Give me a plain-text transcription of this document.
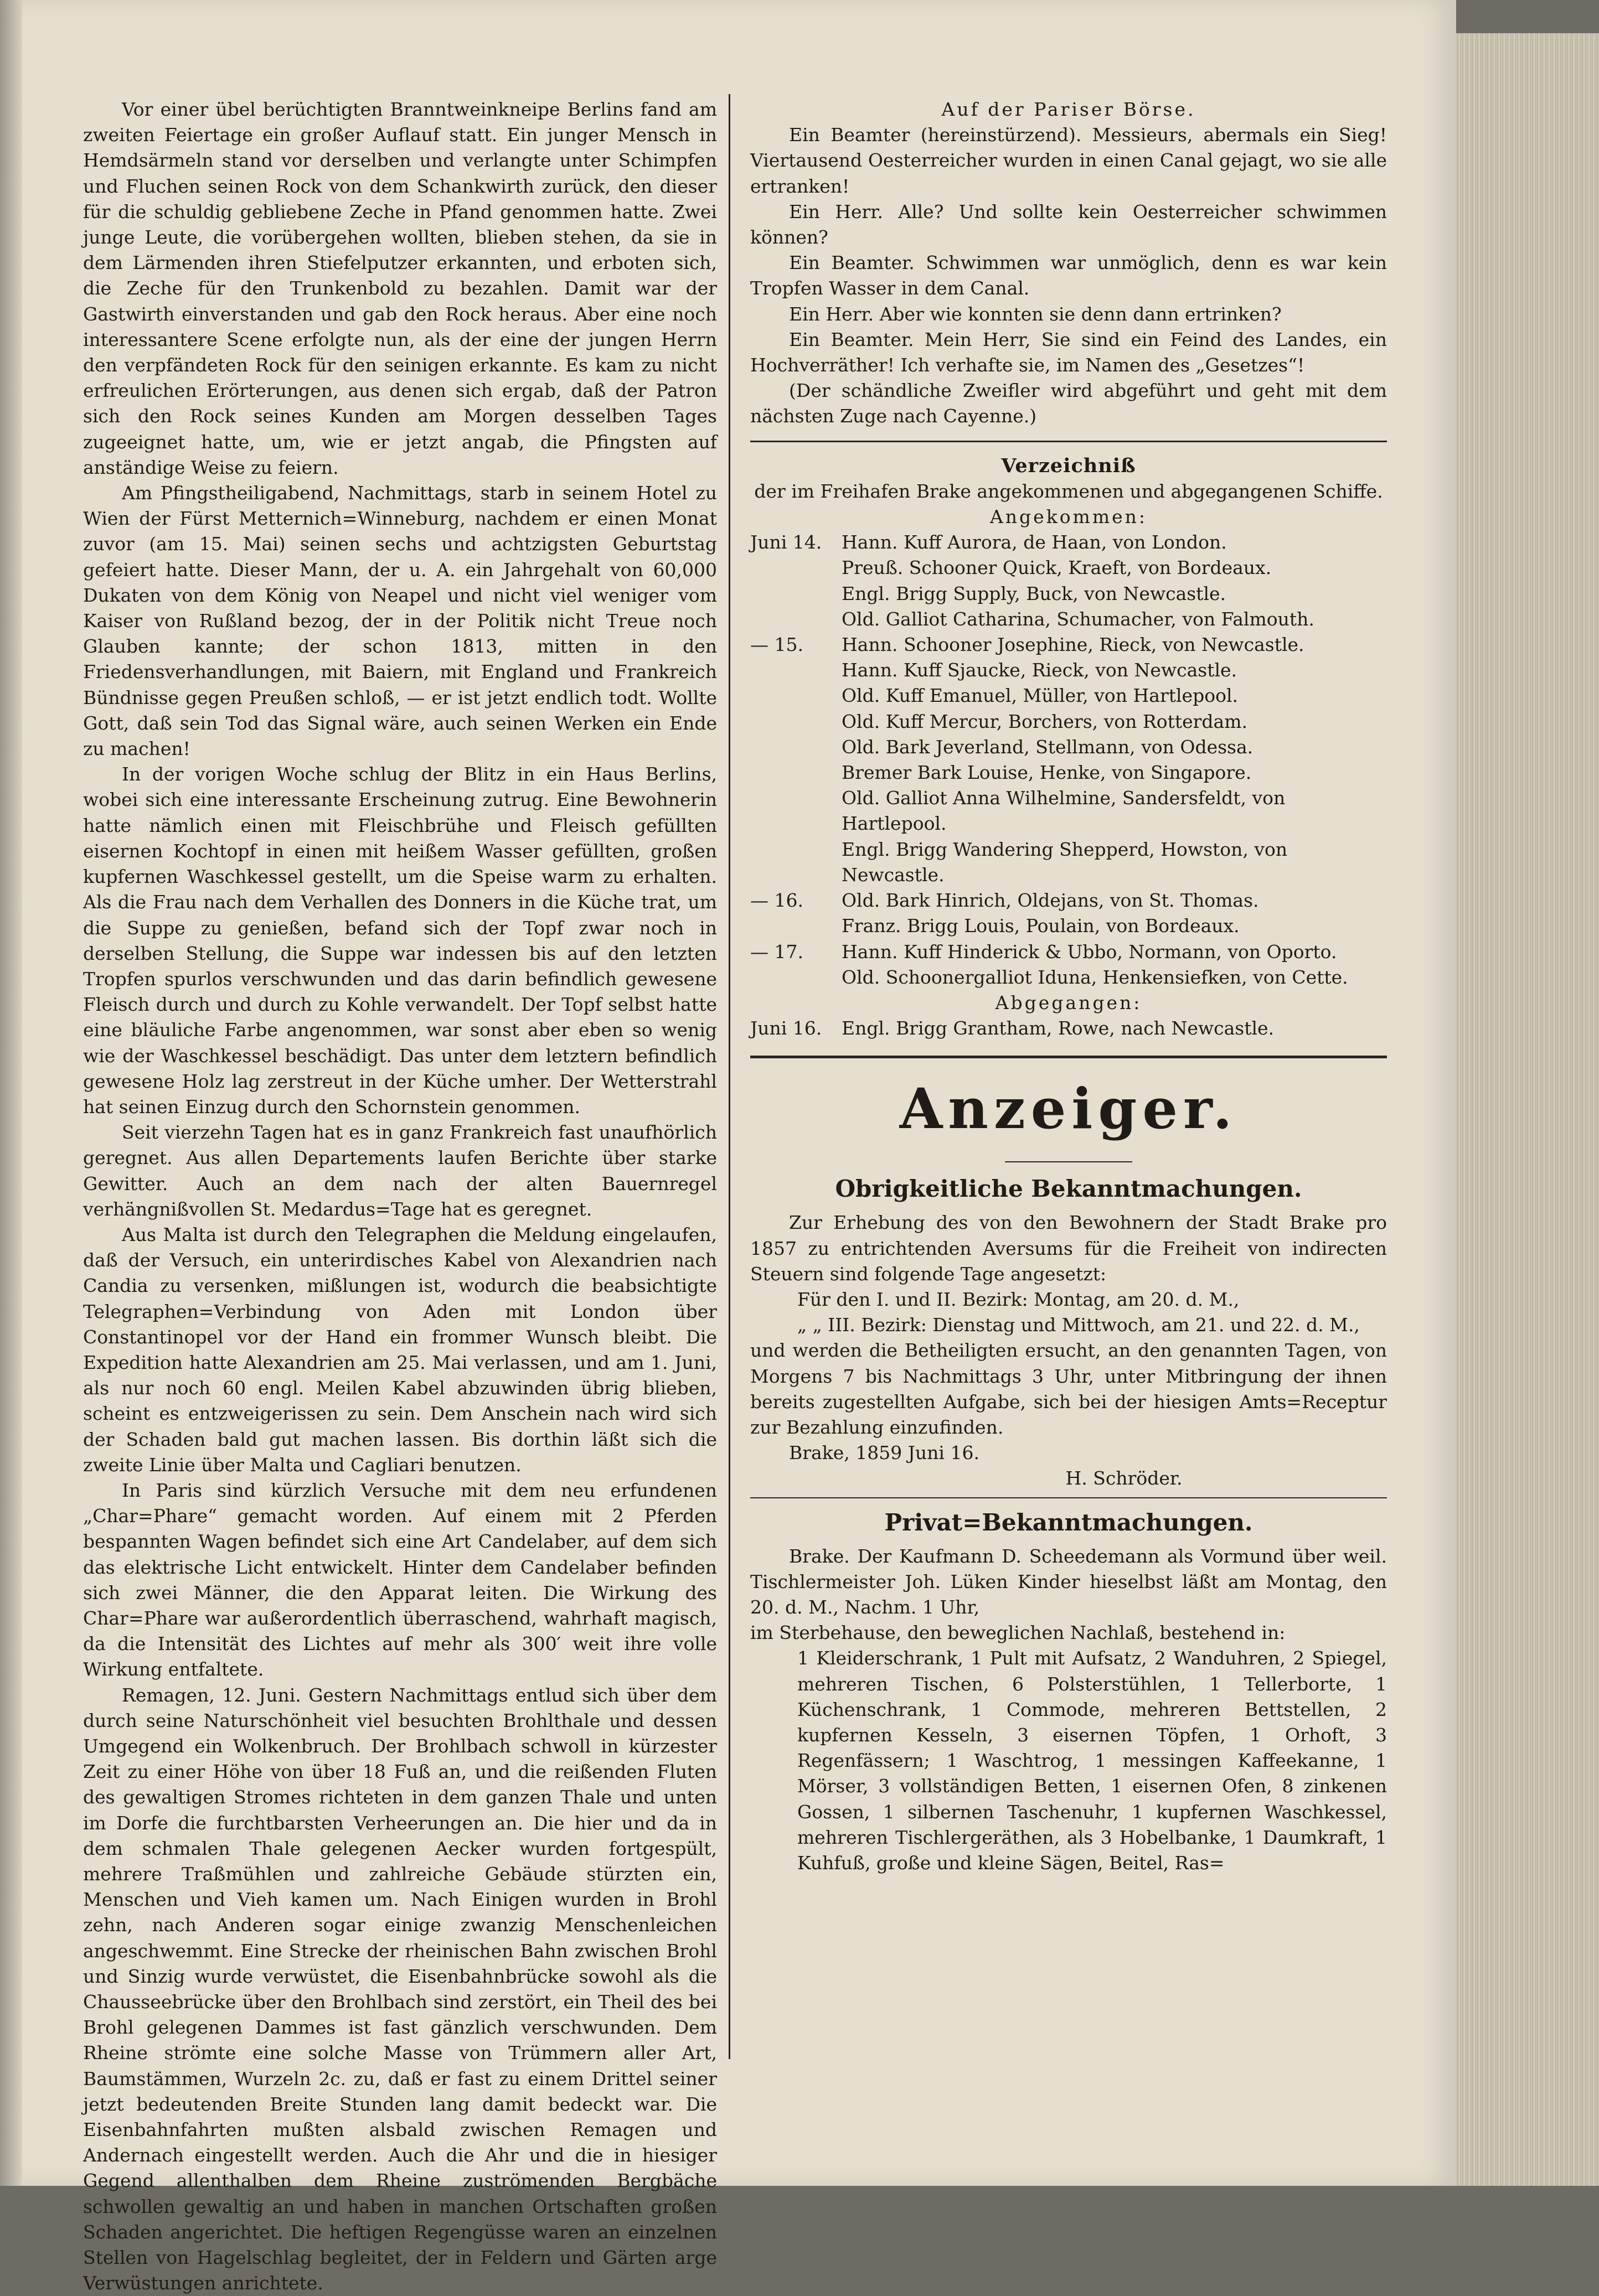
Vor einer übel berüchtigten Branntweinkneipe Berlins fand am zweiten Feiertage ein großer Auflauf statt. Ein junger Mensch in Hemdsärmeln stand vor derselben und verlangte unter Schimpfen und Fluchen seinen Rock von dem Schankwirth zurück, den dieser für die schuldig gebliebene Zeche in Pfand genommen hatte. Zwei junge Leute, die vorübergehen wollten, blieben stehen, da sie in dem Lärmenden ihren Stiefelputzer erkannten, und erboten sich, die Zeche für den Trunkenbold zu bezahlen. Damit war der Gastwirth einverstanden und gab den Rock heraus. Aber eine noch interessantere Scene erfolgte nun, als der eine der jungen Herrn den verpfändeten Rock für den seinigen erkannte. Es kam zu nicht erfreulichen Erörterungen, aus denen sich ergab, daß der Patron sich den Rock seines Kunden am Morgen desselben Tages zugeeignet hatte, um, wie er jetzt angab, die Pfingsten auf anständige Weise zu feiern.

Am Pfingstheiligabend, Nachmittags, starb in seinem Hotel zu Wien der Fürst Metternich=Winneburg, nachdem er einen Monat zuvor (am 15. Mai) seinen sechs und achtzigsten Geburtstag gefeiert hatte. Dieser Mann, der u. A. ein Jahrgehalt von 60,000 Dukaten von dem König von Neapel und nicht viel weniger vom Kaiser von Rußland bezog, der in der Politik nicht Treue noch Glauben kannte; der schon 1813, mitten in den Friedensverhandlungen, mit Baiern, mit England und Frankreich Bündnisse gegen Preußen schloß, — er ist jetzt endlich todt. Wollte Gott, daß sein Tod das Signal wäre, auch seinen Werken ein Ende zu machen!

In der vorigen Woche schlug der Blitz in ein Haus Berlins, wobei sich eine interessante Erscheinung zutrug. Eine Bewohnerin hatte nämlich einen mit Fleischbrühe und Fleisch gefüllten eisernen Kochtopf in einen mit heißem Wasser gefüllten, großen kupfernen Waschkessel gestellt, um die Speise warm zu erhalten. Als die Frau nach dem Verhallen des Donners in die Küche trat, um die Suppe zu genießen, befand sich der Topf zwar noch in derselben Stellung, die Suppe war indessen bis auf den letzten Tropfen spurlos verschwunden und das darin befindlich gewesene Fleisch durch und durch zu Kohle verwandelt. Der Topf selbst hatte eine bläuliche Farbe angenommen, war sonst aber eben so wenig wie der Waschkessel beschädigt. Das unter dem letztern befindlich gewesene Holz lag zerstreut in der Küche umher. Der Wetterstrahl hat seinen Einzug durch den Schornstein genommen.

Seit vierzehn Tagen hat es in ganz Frankreich fast unaufhörlich geregnet. Aus allen Departements laufen Berichte über starke Gewitter. Auch an dem nach der alten Bauernregel verhängnißvollen St. Medardus=Tage hat es geregnet.

Aus Malta ist durch den Telegraphen die Meldung eingelaufen, daß der Versuch, ein unterirdisches Kabel von Alexandrien nach Candia zu versenken, mißlungen ist, wodurch die beabsichtigte Telegraphen=Verbindung von Aden mit London über Constantinopel vor der Hand ein frommer Wunsch bleibt. Die Expedition hatte Alexandrien am 25. Mai verlassen, und am 1. Juni, als nur noch 60 engl. Meilen Kabel abzuwinden übrig blieben, scheint es entzweigerissen zu sein. Dem Anschein nach wird sich der Schaden bald gut machen lassen. Bis dorthin läßt sich die zweite Linie über Malta und Cagliari benutzen.

In Paris sind kürzlich Versuche mit dem neu erfundenen „Char=Phare“ gemacht worden. Auf einem mit 2 Pferden bespannten Wagen befindet sich eine Art Candelaber, auf dem sich das elektrische Licht entwickelt. Hinter dem Candelaber befinden sich zwei Männer, die den Apparat leiten. Die Wirkung des Char=Phare war außerordentlich überraschend, wahrhaft magisch, da die Intensität des Lichtes auf mehr als 300′ weit ihre volle Wirkung entfaltete.

Remagen, 12. Juni. Gestern Nachmittags entlud sich über dem durch seine Naturschönheit viel besuchten Brohlthale und dessen Umgegend ein Wolkenbruch. Der Brohlbach schwoll in kürzester Zeit zu einer Höhe von über 18 Fuß an, und die reißenden Fluten des gewaltigen Stromes richteten in dem ganzen Thale und unten im Dorfe die furchtbarsten Verheerungen an. Die hier und da in dem schmalen Thale gelegenen Aecker wurden fortgespült, mehrere Traßmühlen und zahlreiche Gebäude stürzten ein, Menschen und Vieh kamen um. Nach Einigen wurden in Brohl zehn, nach Anderen sogar einige zwanzig Menschenleichen angeschwemmt. Eine Strecke der rheinischen Bahn zwischen Brohl und Sinzig wurde verwüstet, die Eisenbahnbrücke sowohl als die Chausseebrücke über den Brohlbach sind zerstört, ein Theil des bei Brohl gelegenen Dammes ist fast gänzlich verschwunden. Dem Rheine strömte eine solche Masse von Trümmern aller Art, Baumstämmen, Wurzeln 2c. zu, daß er fast zu einem Drittel seiner jetzt bedeutenden Breite Stunden lang damit bedeckt war. Die Eisenbahnfahrten mußten alsbald zwischen Remagen und Andernach eingestellt werden. Auch die Ahr und die in hiesiger Gegend allenthalben dem Rheine zuströmenden Bergbäche schwollen gewaltig an und haben in manchen Ortschaften großen Schaden angerichtet. Die heftigen Regengüsse waren an einzelnen Stellen von Hagelschlag begleitet, der in Feldern und Gärten arge Verwüstungen anrichtete.

Auf der Pariser Börse.

Ein Beamter (hereinstürzend). Messieurs, abermals ein Sieg! Viertausend Oesterreicher wurden in einen Canal gejagt, wo sie alle ertranken!

Ein Herr. Alle? Und sollte kein Oesterreicher schwimmen können?

Ein Beamter. Schwimmen war unmöglich, denn es war kein Tropfen Wasser in dem Canal.

Ein Herr. Aber wie konnten sie denn dann ertrinken?

Ein Beamter. Mein Herr, Sie sind ein Feind des Landes, ein Hochverräther! Ich verhafte sie, im Namen des „Gesetzes“!

(Der schändliche Zweifler wird abgeführt und geht mit dem nächsten Zuge nach Cayenne.)

Verzeichniß

der im Freihafen Brake angekommenen und abgegangenen Schiffe.

Angekommen:

Juni 14.	Hann. Kuff Aurora, de Haan, von London.
Preuß. Schooner Quick, Kraeft, von Bordeaux.
Engl. Brigg Supply, Buck, von Newcastle.
Old. Galliot Catharina, Schumacher, von Falmouth.
— 15.	Hann. Schooner Josephine, Rieck, von Newcastle.
Hann. Kuff Sjaucke, Rieck, von Newcastle.
Old. Kuff Emanuel, Müller, von Hartlepool.
Old. Kuff Mercur, Borchers, von Rotterdam.
Old. Bark Jeverland, Stellmann, von Odessa.
Bremer Bark Louise, Henke, von Singapore.
Old. Galliot Anna Wilhelmine, Sandersfeldt, von Hartlepool.
Engl. Brigg Wandering Shepperd, Howston, von Newcastle.
— 16.	Old. Bark Hinrich, Oldejans, von St. Thomas.
Franz. Brigg Louis, Poulain, von Bordeaux.
— 17.	Hann. Kuff Hinderick & Ubbo, Normann, von Oporto.
Old. Schoonergalliot Iduna, Henkensiefken, von Cette.

Abgegangen:

Juni 16.	Engl. Brigg Grantham, Rowe, nach Newcastle.

Anzeiger.

Obrigkeitliche Bekanntmachungen.

Zur Erhebung des von den Bewohnern der Stadt Brake pro 1857 zu entrichtenden Aversums für die Freiheit von indirecten Steuern sind folgende Tage angesetzt:

Für den I. und II. Bezirk: Montag, am 20. d. M.,

„ „ III. Bezirk: Dienstag und Mittwoch, am 21. und 22. d. M.,

und werden die Betheiligten ersucht, an den genannten Tagen, von Morgens 7 bis Nachmittags 3 Uhr, unter Mitbringung der ihnen bereits zugestellten Aufgabe, sich bei der hiesigen Amts=Receptur zur Bezahlung einzufinden.

Brake, 1859 Juni 16.

H. Schröder.

Privat=Bekanntmachungen.

Brake. Der Kaufmann D. Scheedemann als Vormund über weil. Tischlermeister Joh. Lüken Kinder hieselbst läßt am Montag, den 20. d. M., Nachm. 1 Uhr,

im Sterbehause, den beweglichen Nachlaß, bestehend in:

1 Kleiderschrank, 1 Pult mit Aufsatz, 2 Wanduhren, 2 Spiegel, mehreren Tischen, 6 Polsterstühlen, 1 Tellerborte, 1 Küchenschrank, 1 Commode, mehreren Bettstellen, 2 kupfernen Kesseln, 3 eisernen Töpfen, 1 Orhoft, 3 Regenfässern; 1 Waschtrog, 1 messingen Kaffeekanne, 1 Mörser, 3 vollständigen Betten, 1 eisernen Ofen, 8 zinkenen Gossen, 1 silbernen Taschenuhr, 1 kupfernen Waschkessel, mehreren Tischlergeräthen, als 3 Hobelbanke, 1 Daumkraft, 1 Kuhfuß, große und kleine Sägen, Beitel, Ras=
